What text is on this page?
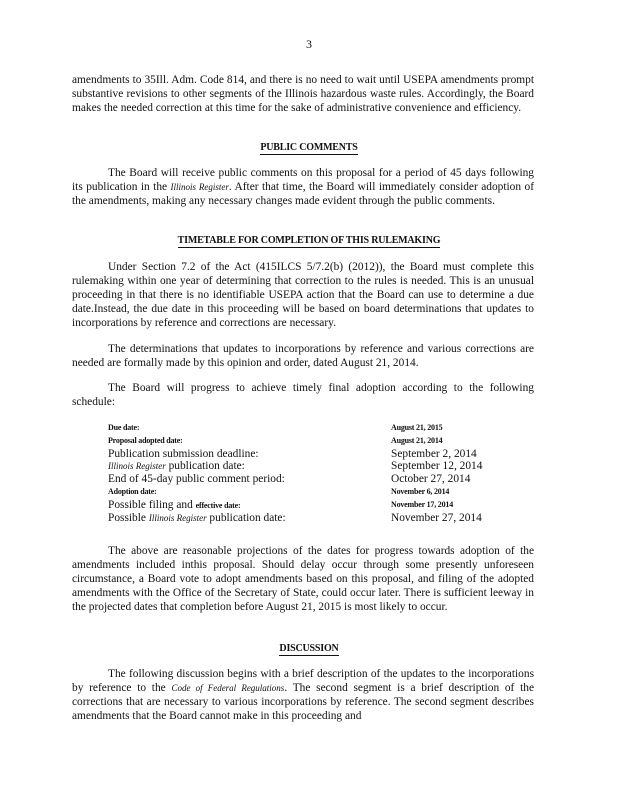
3
amendments to 35Ill. Adm. Code 814, and there is no need to wait until USEPA amendments prompt substantive revisions to other segments of the Illinois hazardous waste rules. Accordingly, the Board makes the needed correction at this time for the sake of administrative convenience and efficiency.
PUBLIC COMMENTS
The Board will receive public comments on this proposal for a period of 45 days following its publication in the Illinois Register. After that time, the Board will immediately consider adoption of the amendments, making any necessary changes made evident through the public comments.
TIMETABLE FOR COMPLETION OF THIS RULEMAKING
Under Section 7.2 of the Act (415ILCS 5/7.2(b) (2012)), the Board must complete this rulemaking within one year of determining that correction to the rules is needed. This is an unusual proceeding in that there is no identifiable USEPA action that the Board can use to determine a due date.Instead, the due date in this proceeding will be based on board determinations that updates to incorporations by reference and corrections are necessary.
The determinations that updates to incorporations by reference and various corrections are needed are formally made by this opinion and order, dated August 21, 2014.
The Board will progress to achieve timely final adoption according to the following schedule:
Due date:	August 21, 2015
Proposal adopted date:	August 21, 2014
Publication submission deadline:	September 2, 2014
Illinois Register publication date:	September 12, 2014
End of 45-day public comment period:	October 27, 2014
Adoption date:	November 6, 2014
Possible filing and effective date:	November 17, 2014
Possible Illinois Register publication date:	November 27, 2014
The above are reasonable projections of the dates for progress towards adoption of the amendments included inthis proposal. Should delay occur through some presently unforeseen circumstance, a Board vote to adopt amendments based on this proposal, and filing of the adopted amendments with the Office of the Secretary of State, could occur later. There is sufficient leeway in the projected dates that completion before August 21, 2015 is most likely to occur.
DISCUSSION
The following discussion begins with a brief description of the updates to the incorporations by reference to the Code of Federal Regulations. The second segment is a brief description of the corrections that are necessary to various incorporations by reference. The second segment describes amendments that the Board cannot make in this proceeding and
